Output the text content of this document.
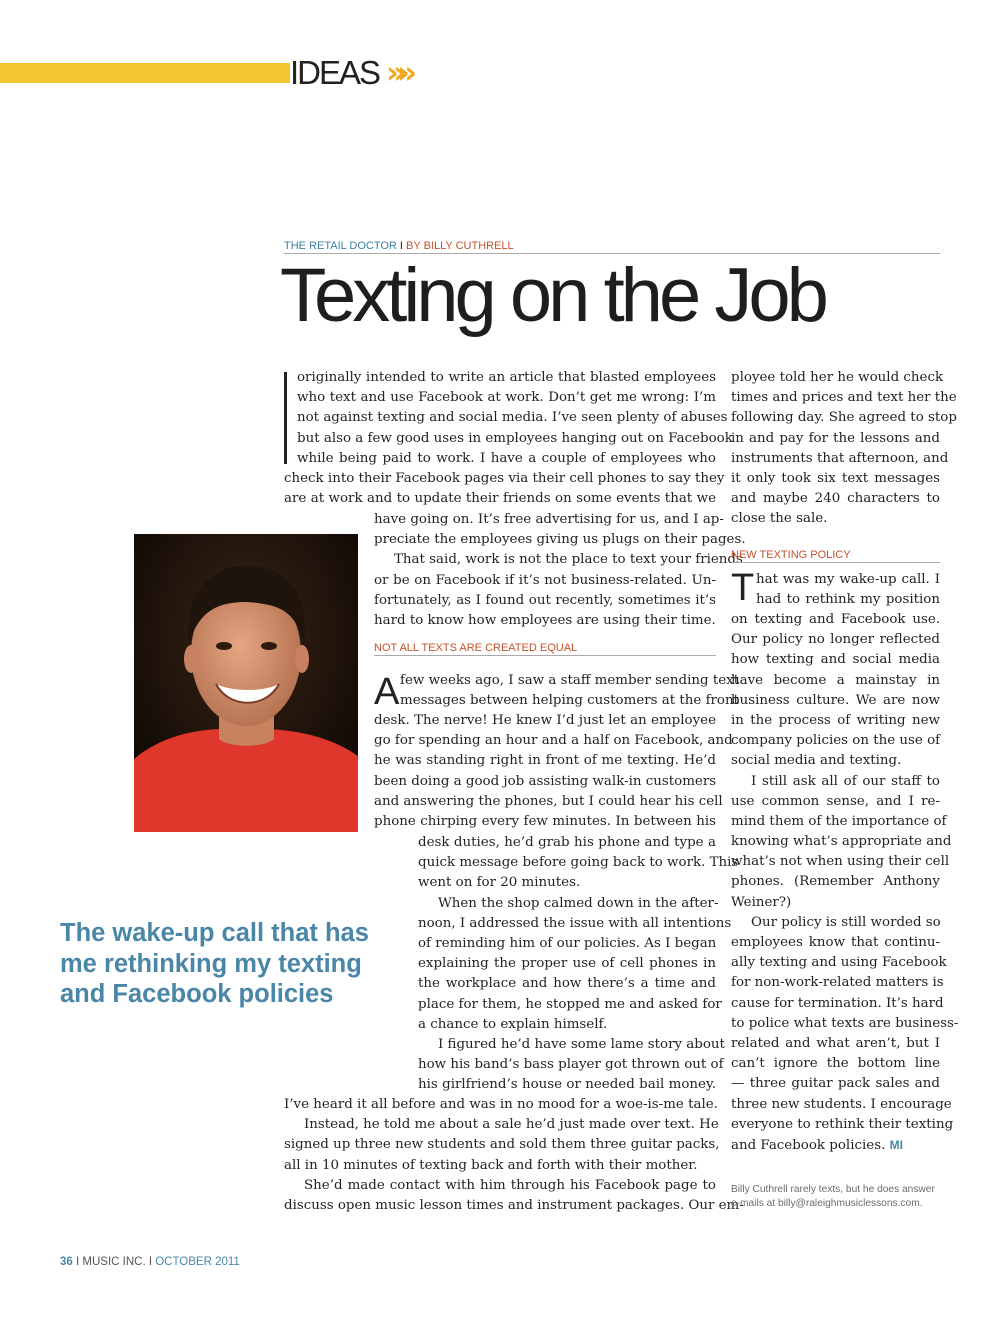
IDEAS »»
THE RETAIL DOCTOR I BY BILLY CUTHRELL
Texting on the Job
The wake-up call that has me rethinking my texting and Facebook policies
A
T
originally intended to write an article that blasted employees
who text and use Facebook at work. Don’t get me wrong: I’m
not against texting and social media. I’ve seen plenty of abuses
but also a few good uses in employees hanging out on Facebook
while being paid to work. I have a couple of employees who
check into their Facebook pages via their cell phones to say they
are at work and to update their friends on some events that we
have going on. It’s free advertising for us, and I ap-
preciate the employees giving us plugs on their pages.
That said, work is not the place to text your friends
or be on Facebook if it’s not business-related. Un-
fortunately, as I found out recently, sometimes it’s
hard to know how employees are using their time.
NOT ALL TEXTS ARE CREATED EQUAL
few weeks ago, I saw a staff member sending text
messages between helping customers at the front
desk. The nerve! He knew I’d just let an employee
go for spending an hour and a half on Facebook, and
he was standing right in front of me texting. He’d
been doing a good job assisting walk-in customers
and answering the phones, but I could hear his cell
phone chirping every few minutes. In between his
desk duties, he’d grab his phone and type a
quick message before going back to work. This
went on for 20 minutes.
When the shop calmed down in the after-
noon, I addressed the issue with all intentions
of reminding him of our policies. As I began
explaining the proper use of cell phones in
the workplace and how there’s a time and
place for them, he stopped me and asked for
a chance to explain himself.
I figured he’d have some lame story about
how his band’s bass player got thrown out of
his girlfriend’s house or needed bail money.
I’ve heard it all before and was in no mood for a woe-is-me tale.
Instead, he told me about a sale he’d just made over text. He
signed up three new students and sold them three guitar packs,
all in 10 minutes of texting back and forth with their mother.
She’d made contact with him through his Facebook page to
discuss open music lesson times and instrument packages. Our em-
ployee told her he would check
times and prices and text her the
following day. She agreed to stop
in and pay for the lessons and
instruments that afternoon, and
it only took six text messages
and maybe 240 characters to
close the sale.
NEW TEXTING POLICY
hat was my wake-up call. I
had to rethink my position
on texting and Facebook use.
Our policy no longer reflected
how texting and social media
have become a mainstay in
business culture. We are now
in the process of writing new
company policies on the use of
social media and texting.
I still ask all of our staff to
use common sense, and I re-
mind them of the importance of
knowing what’s appropriate and
what’s not when using their cell
phones. (Remember Anthony
Weiner?)
Our policy is still worded so
employees know that continu-
ally texting and using Facebook
for non-work-related matters is
cause for termination. It’s hard
to police what texts are business-
related and what aren’t, but I
can’t ignore the bottom line
— three guitar pack sales and
three new students. I encourage
everyone to rethink their texting
and Facebook policies. MI
Billy Cuthrell rarely texts, but he does answer
e-mails at billy@raleighmusiclessons.com.
36 I MUSIC INC. I OCTOBER 2011
